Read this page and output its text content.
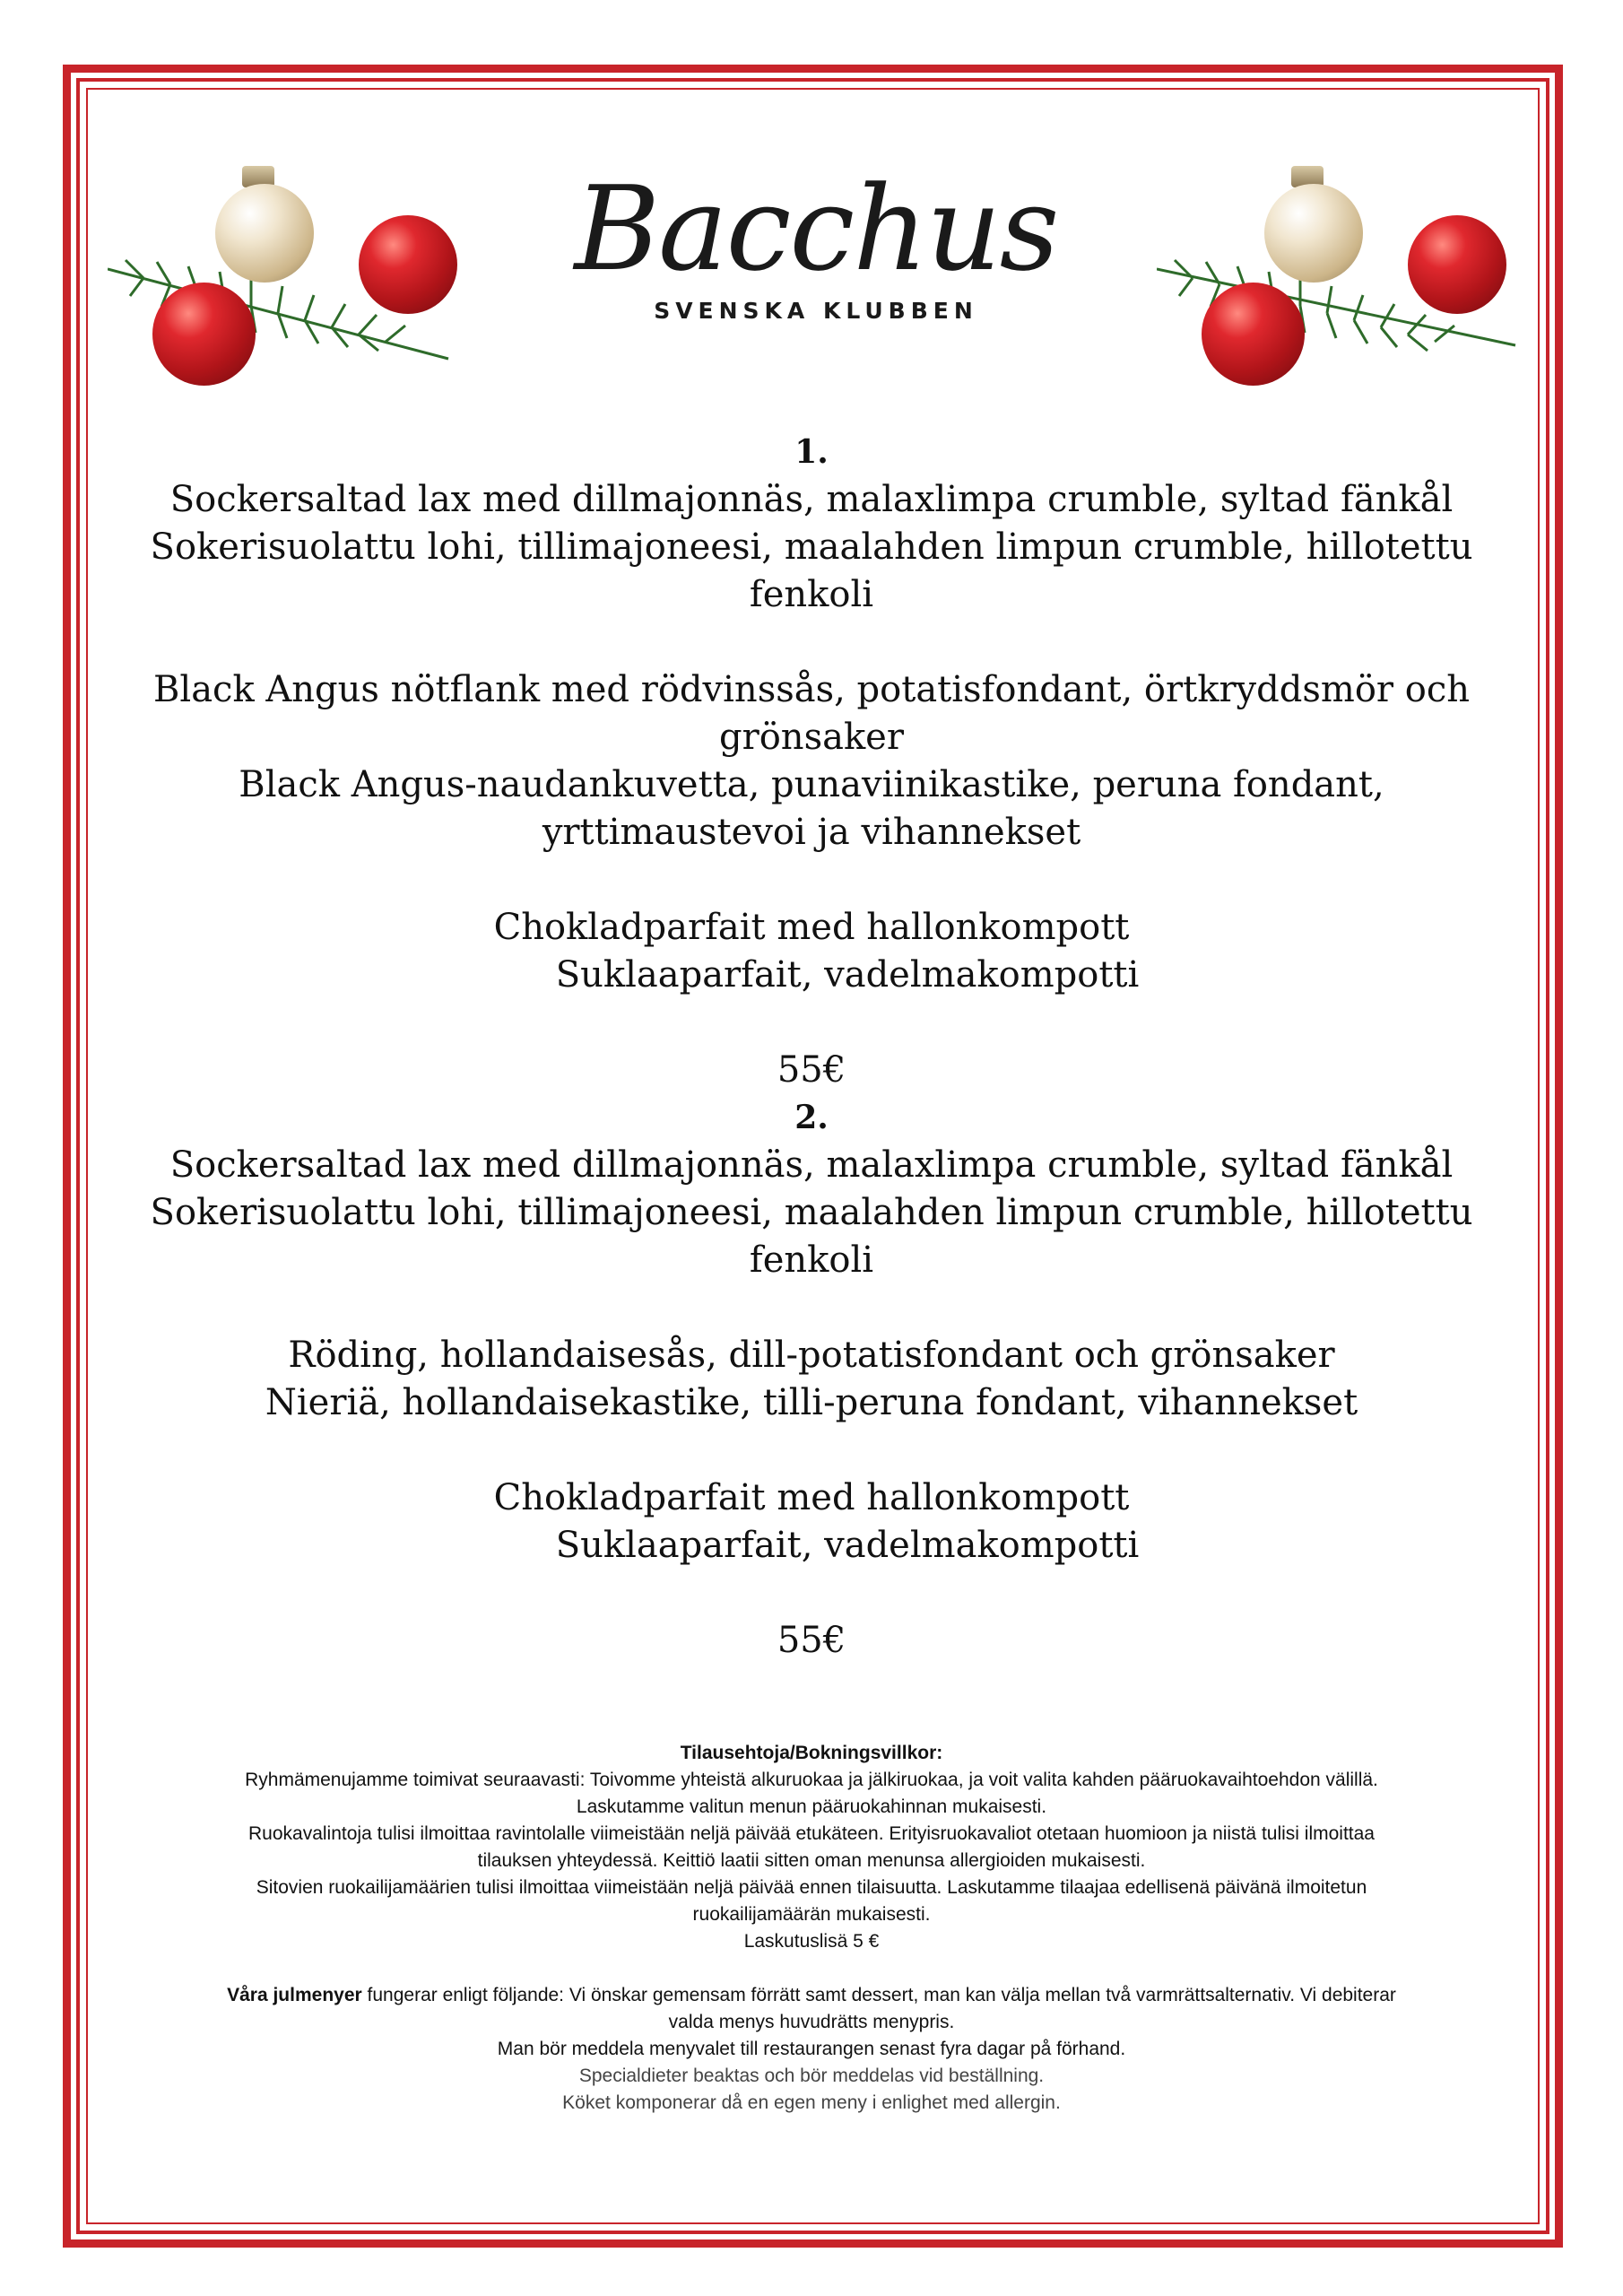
Bacchus
SVENSKA KLUBBEN

1.

Sockersaltad lax med dillmajonnäs, malaxlimpa crumble, syltad fänkål

Sokerisuolattu lohi, tillimajoneesi, maalahden limpun crumble, hillotettu

fenkoli

Black Angus nötflank med rödvinssås, potatisfondant, örtkryddsmör och

grönsaker

Black Angus-naudankuvetta, punaviinikastike, peruna fondant,

yrttimaustevoi ja vihannekset

Chokladparfait med hallonkompott

Suklaaparfait, vadelmakompotti

55€

2.

Sockersaltad lax med dillmajonnäs, malaxlimpa crumble, syltad fänkål

Sokerisuolattu lohi, tillimajoneesi, maalahden limpun crumble, hillotettu

fenkoli

Röding, hollandaisesås, dill-potatisfondant och grönsaker

Nieriä, hollandaisekastike, tilli-peruna fondant, vihannekset

Chokladparfait med hallonkompott

Suklaaparfait, vadelmakompotti

55€

Tilausehtoja/Bokningsvillkor:

Ryhmämenujamme toimivat seuraavasti: Toivomme yhteistä alkuruokaa ja jälkiruokaa, ja voit valita kahden pääruokavaihtoehdon välillä.

Laskutamme valitun menun pääruokahinnan mukaisesti.

Ruokavalintoja tulisi ilmoittaa ravintolalle viimeistään neljä päivää etukäteen. Erityisruokavaliot otetaan huomioon ja niistä tulisi ilmoittaa

tilauksen yhteydessä. Keittiö laatii sitten oman menunsa allergioiden mukaisesti.

Sitovien ruokailijamäärien tulisi ilmoittaa viimeistään neljä päivää ennen tilaisuutta. Laskutamme tilaajaa edellisenä päivänä ilmoitetun

ruokailijamäärän mukaisesti.

Laskutuslisä 5 €

Våra julmenyer fungerar enligt följande: Vi önskar gemensam förrätt samt dessert, man kan välja mellan två varmrättsalternativ. Vi debiterar

valda menys huvudrätts menypris.

Man bör meddela menyvalet till restaurangen senast fyra dagar på förhand.

Specialdieter beaktas och bör meddelas vid beställning.

Köket komponerar då en egen meny i enlighet med allergin.
